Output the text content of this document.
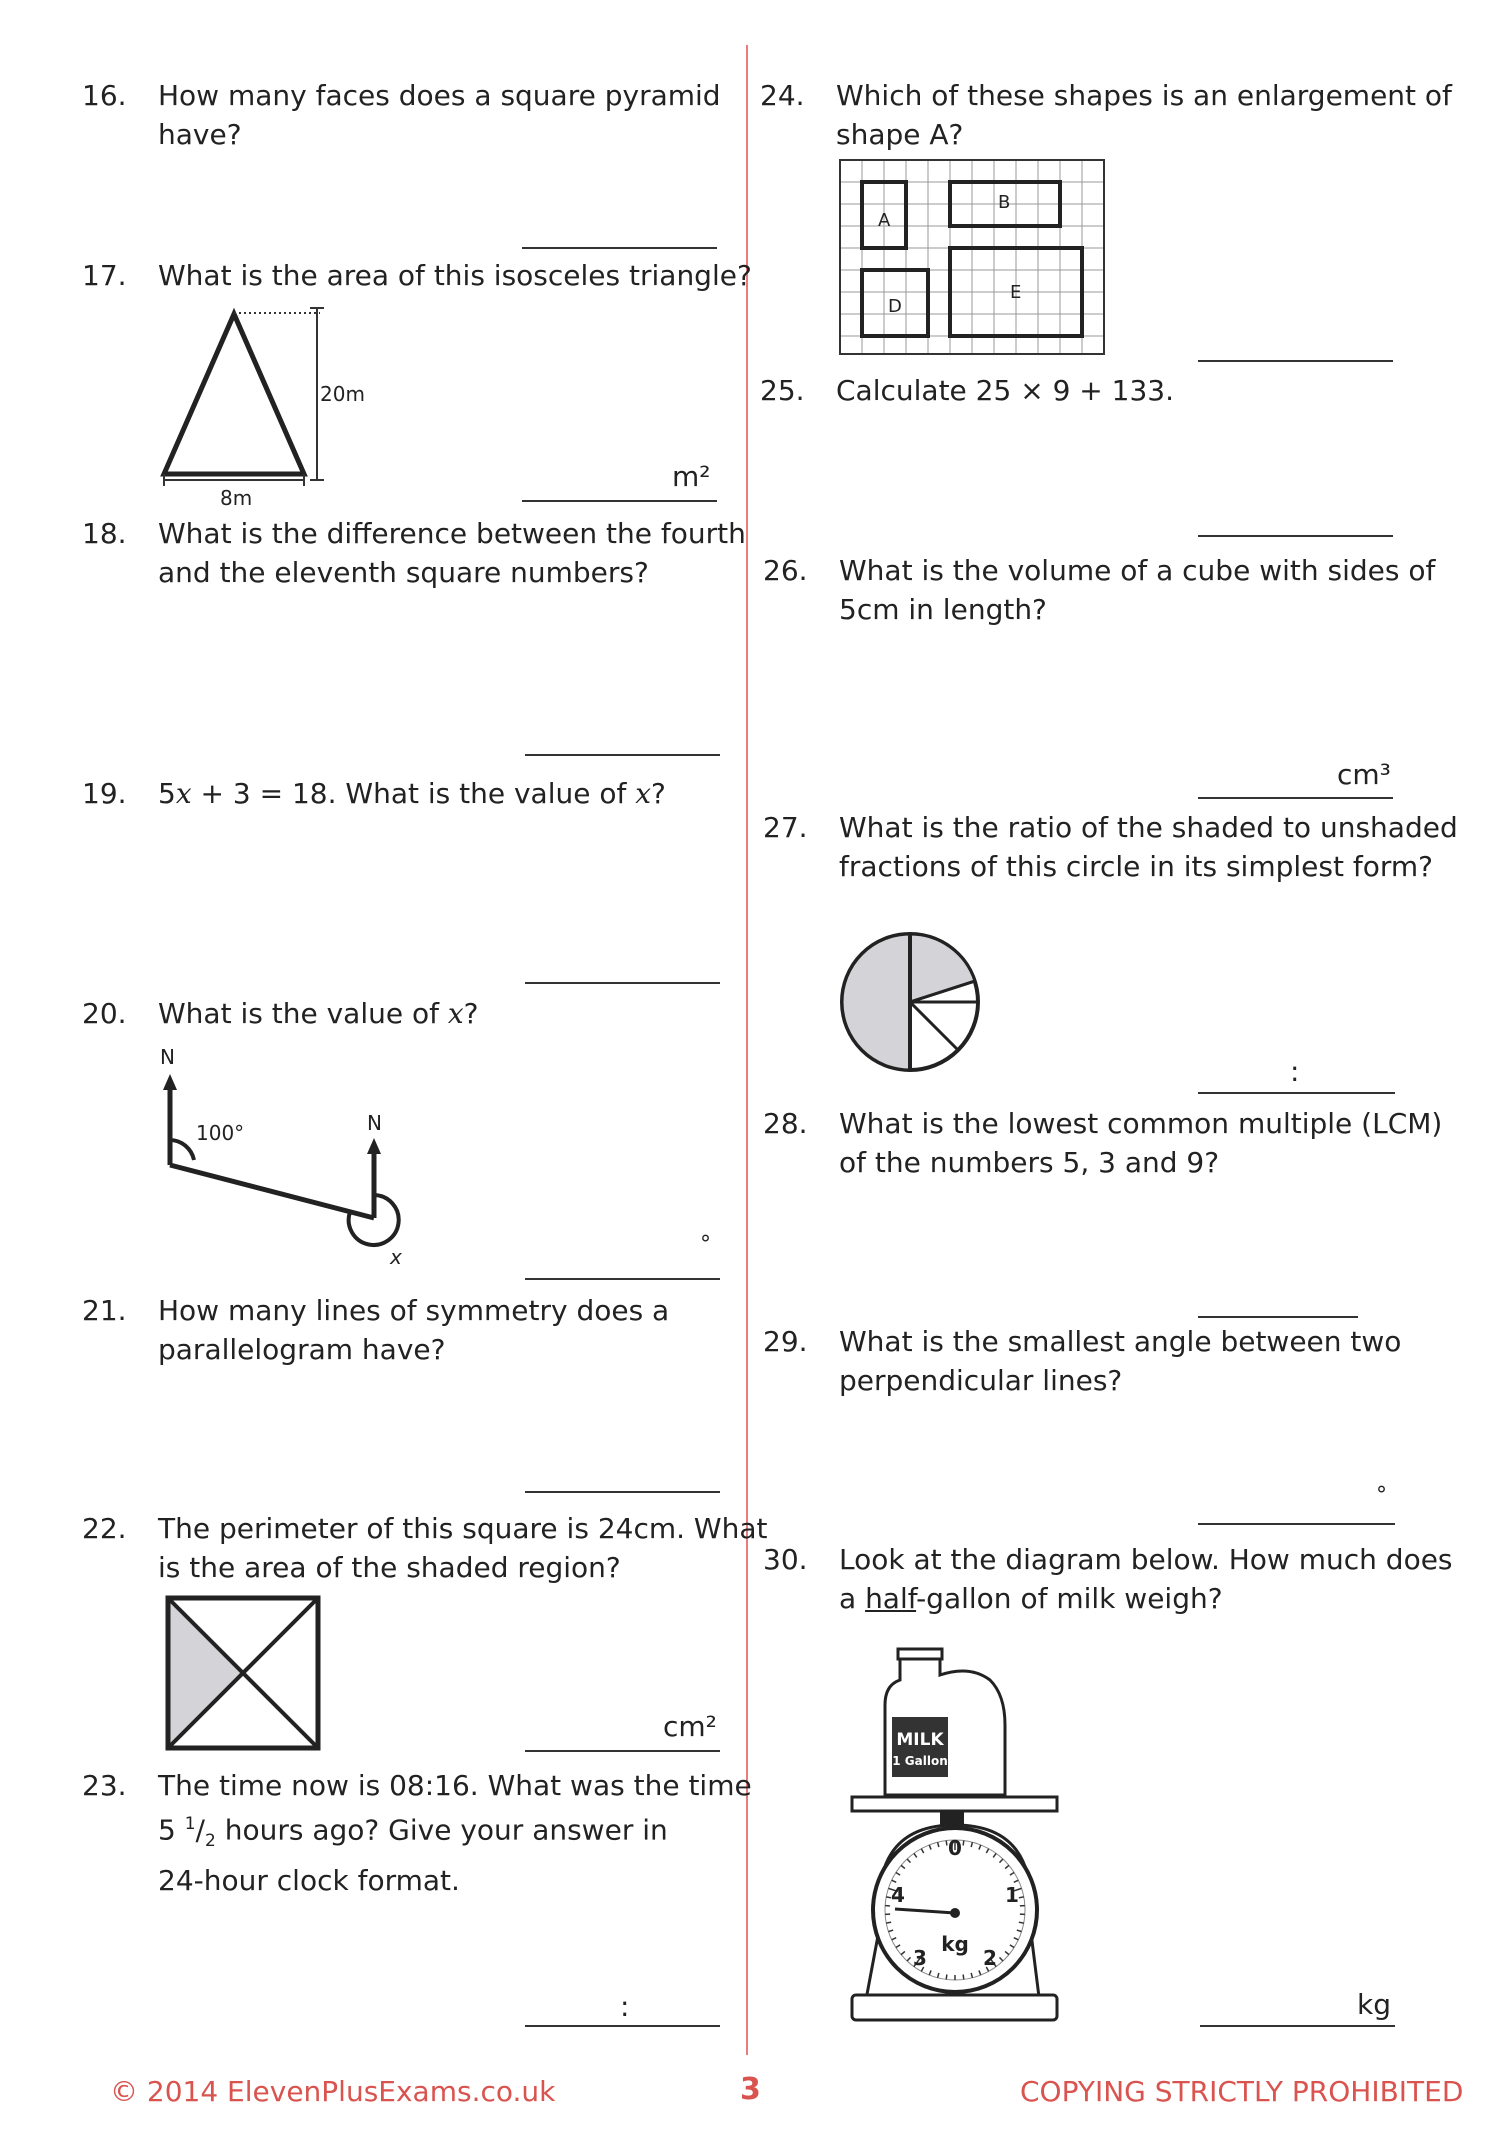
16. How many faces does a square pyramid
have?
17. What is the area of this isosceles triangle?
20m
8m
m²
18. What is the difference between the fourth
and the eleventh square numbers?
19. 5x + 3 = 18. What is the value of x?
20. What is the value of x?
N
100°	N
x	°
21. How many lines of symmetry does a
parallelogram have?
22. The perimeter of this square is 24cm. What
is the area of the shaded region?
cm²
23. The time now is 08:16. What was the time
5 $^1/_2$ hours ago? Give your answer in
24-hour clock format.
:
24. Which of these shapes is an enlargement of
shape A?
A
B
D
E
25. Calculate 25 × 9 + 133.
26. What is the volume of a cube with sides of
5cm in length?
cm³
27. What is the ratio of the shaded to unshaded
fractions of this circle in its simplest form?
:
28. What is the lowest common multiple (LCM)
of the numbers 5, 3 and 9?
29. What is the smallest angle between two
perpendicular lines?
°
30. Look at the diagram below. How much does
a half-gallon of milk weigh?
MILK
1 Gallon
0
1
2
3
4
kg
kg
© 2014 ElevenPlusExams.co.uk	3	COPYING STRICTLY PROHIBITED
